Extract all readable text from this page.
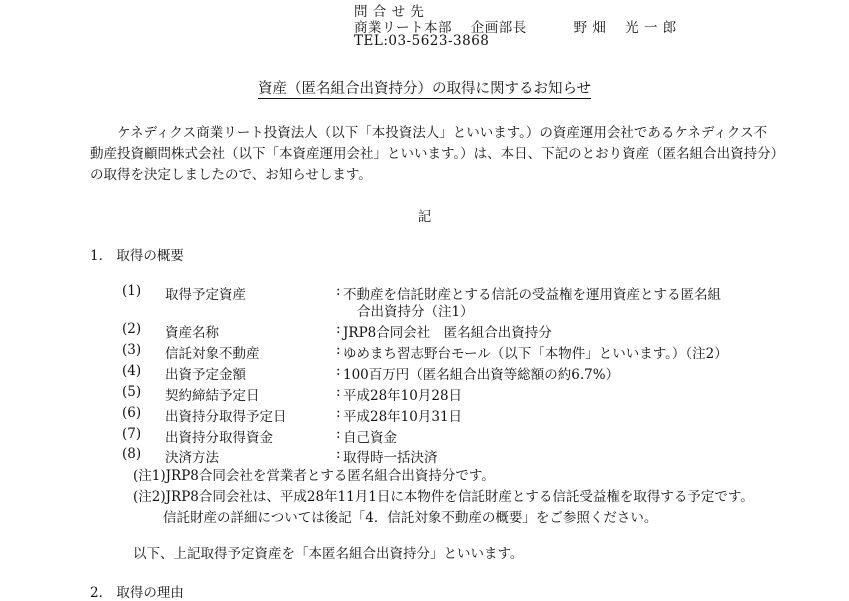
問 合 せ 先
商業リート本部　 企画部長　　　 野 畑　 光 一 郎
TEL:03-5623-3868
資産（匿名組合出資持分）の取得に関するお知らせ
ケネディクス商業リート投資法人（以下「本投資法人」といいます。）の資産運用会社であるケネディクス不動産投資顧問株式会社（以下「本資産運用会社」といいます。）は、本日、下記のとおり資産（匿名組合出資持分）の取得を決定しましたので、お知らせします。
記
1． 取得の概要
(1) 取得予定資産	: 不動産を信託財産とする信託の受益権を運用資産とする匿名組
合出資持分（注1）
(2) 資産名称	: JRP8合同会社　匿名組合出資持分
(3) 信託対象不動産	: ゆめまち習志野台モール（以下「本物件」といいます。）（注2）
(4) 出資予定金額	: 100百万円（匿名組合出資等総額の約6.7%）
(5) 契約締結予定日	: 平成28年10月28日
(6) 出資持分取得予定日	: 平成28年10月31日
(7) 出資持分取得資金	: 自己資金
(8) 決済方法	: 取得時一括決済
(注1)JRP8合同会社を営業者とする匿名組合出資持分です。
(注2)JRP8合同会社は、平成28年11月1日に本物件を信託財産とする信託受益権を取得する予定です。
信託財産の詳細については後記「4．信託対象不動産の概要」をご参照ください。
以下、上記取得予定資産を「本匿名組合出資持分」といいます。
2． 取得の理由
